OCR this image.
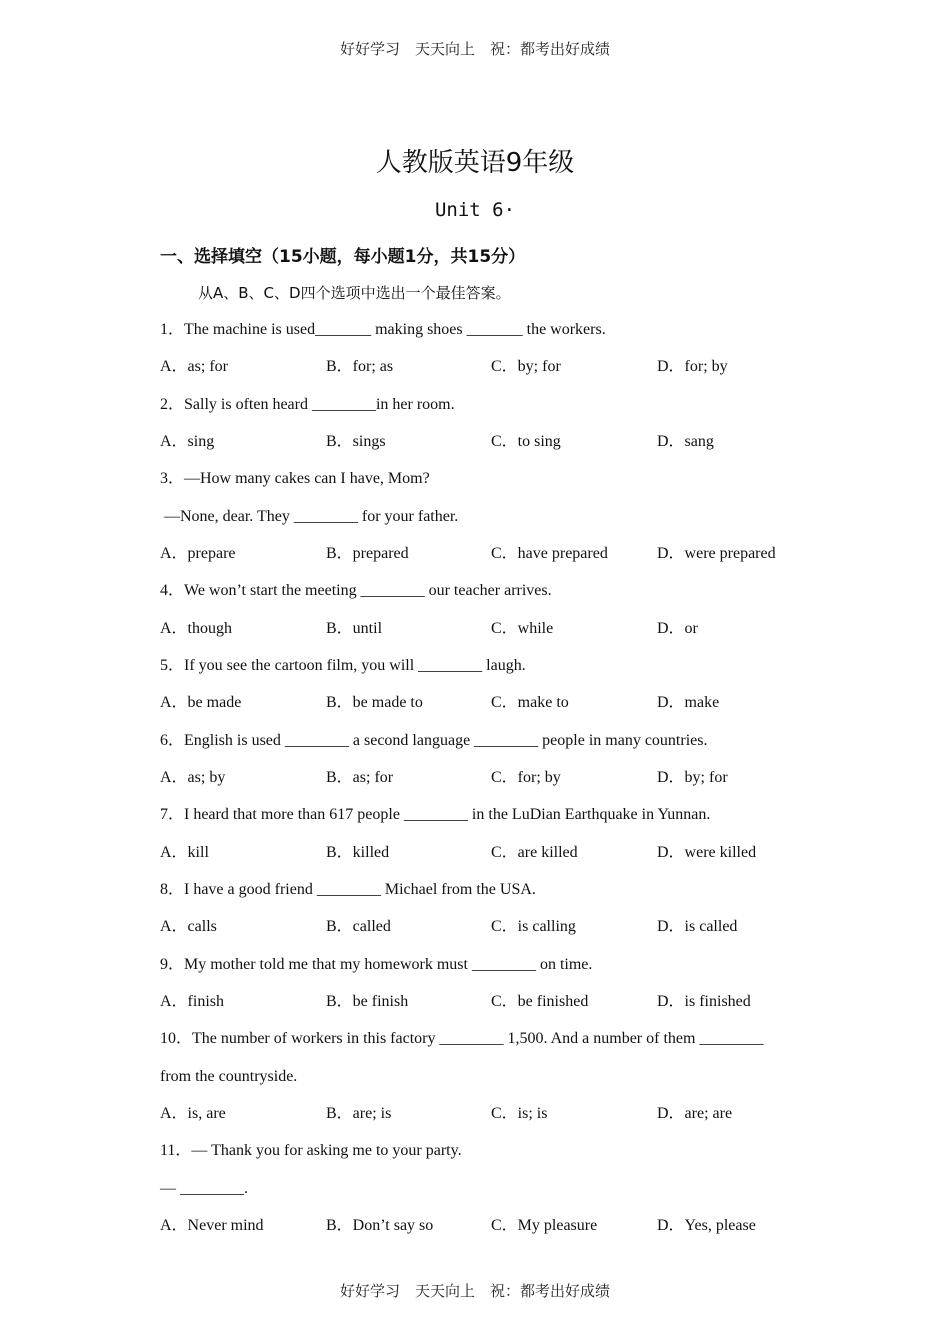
好好学习　天天向上　祝：都考出好成绩
人教版英语9年级
Unit 6·
一、选择填空（15小题，每小题1分，共15分）
从A、B、C、D四个选项中选出一个最佳答案。
1．The machine is used_______ making shoes _______ the workers.
A．as; for	B．for; as	C．by; for	D．for; by
2．Sally is often heard ________in her room.
A．sing	B．sings	C．to sing	D．sang
3．—How many cakes can I have, Mom?
—None, dear. They ________ for your father.
A．prepare	B．prepared	C．have prepared	D．were prepared
4．We won’t start the meeting ________ our teacher arrives.
A．though	B．until	C．while	D．or
5．If you see the cartoon film, you will ________ laugh.
A．be made	B．be made to	C．make to	D．make
6．English is used ________ a second language ________ people in many countries.
A．as; by	B．as; for	C．for; by	D．by; for
7．I heard that more than 617 people ________ in the LuDian Earthquake in Yunnan.
A．kill	B．killed	C．are killed	D．were killed
8．I have a good friend ________ Michael from the USA.
A．calls	B．called	C．is calling	D．is called
9．My mother told me that my homework must ________ on time.
A．finish	B．be finish	C．be finished	D．is finished
10．The number of workers in this factory ________ 1,500. And a number of them ________
from the countryside.
A．is, are	B．are; is	C．is; is	D．are; are
11．— Thank you for asking me to your party.
— ________.
A．Never mind	B．Don’t say so	C．My pleasure	D．Yes, please
好好学习　天天向上　祝：都考出好成绩
